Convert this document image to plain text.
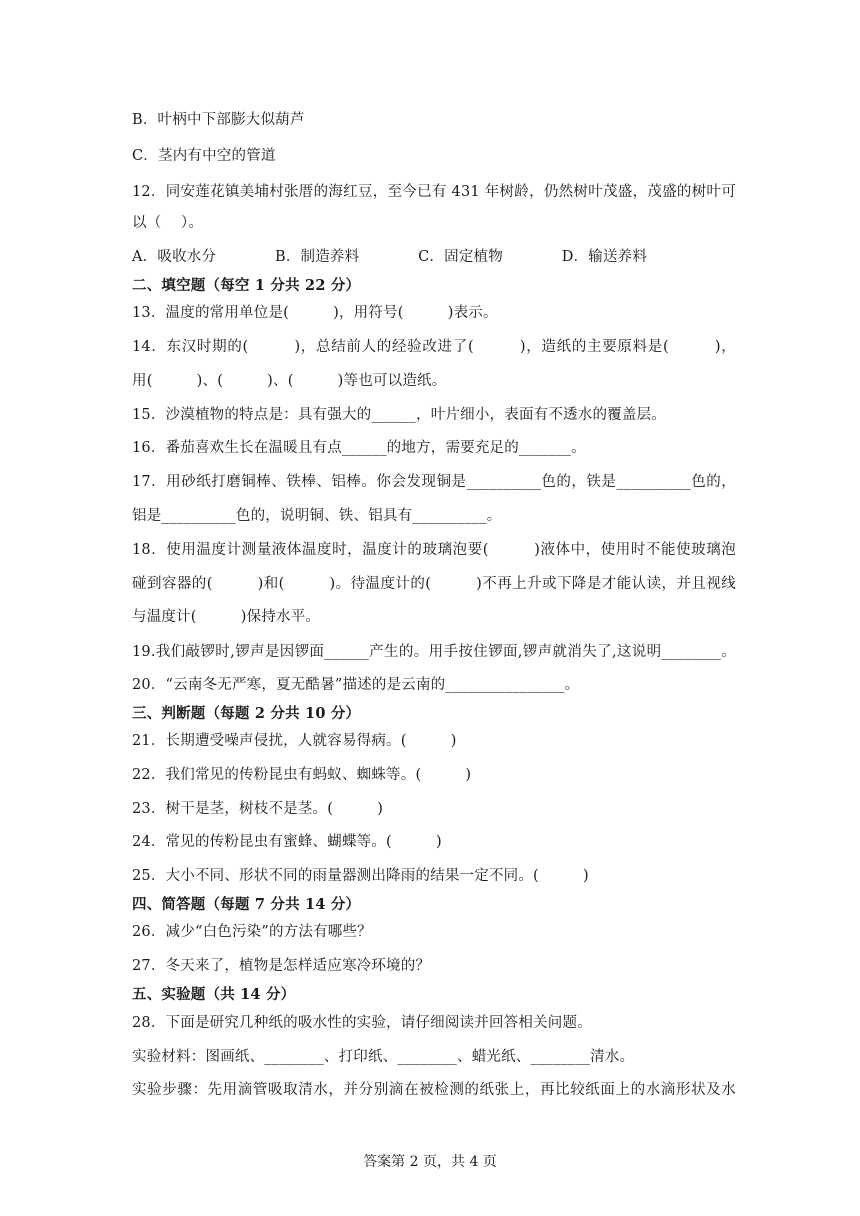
B．叶柄中下部膨大似葫芦
C．茎内有中空的管道
12．同安莲花镇美埔村张厝的海红豆，至今已有 431 年树龄，仍然树叶茂盛，茂盛的树叶可
以（　 ）。
A．吸收水分　　　　B．制造养料　　　　C．固定植物　　　　D．输送养料
二、填空题（每空 1 分共 22 分）
13．温度的常用单位是(　　　)，用符号(　　　)表示。
14．东汉时期的(　　　)，总结前人的经验改进了(　　　)，造纸的主要原料是(　　　)，
用(　　　)、(　　　)、(　　　)等也可以造纸。
15．沙漠植物的特点是：具有强大的______，叶片细小，表面有不透水的覆盖层。
16．番茄喜欢生长在温暖且有点______的地方，需要充足的_______。
17．用砂纸打磨铜棒、铁棒、铝棒。你会发现铜是__________色的，铁是__________色的，
铝是__________色的，说明铜、铁、铝具有__________。
18．使用温度计测量液体温度时，温度计的玻璃泡要(　　　)液体中，使用时不能使玻璃泡
碰到容器的(　　　)和(　　　)。待温度计的(　　　)不再上升或下降是才能认读，并且视线
与温度计(　　　)保持水平。
19.我们敲锣时,锣声是因锣面______产生的。用手按住锣面,锣声就消失了,这说明________。
20．“云南冬无严寒，夏无酷暑”描述的是云南的________________。
三、判断题（每题 2 分共 10 分）
21．长期遭受噪声侵扰，人就容易得病。(　　　)
22．我们常见的传粉昆虫有蚂蚁、蜘蛛等。(　　　)
23．树干是茎，树枝不是茎。(　　　)
24．常见的传粉昆虫有蜜蜂、蝴蝶等。(　　　)
25．大小不同、形状不同的雨量器测出降雨的结果一定不同。(　　　)
四、简答题（每题 7 分共 14 分）
26．减少“白色污染”的方法有哪些？
27．冬天来了，植物是怎样适应寒冷环境的？
五、实验题（共 14 分）
28．下面是研究几种纸的吸水性的实验，请仔细阅读并回答相关问题。
实验材料：图画纸、________、打印纸、________、蜡光纸、________清水。
实验步骤：先用滴管吸取清水，并分别滴在被检测的纸张上，再比较纸面上的水滴形状及水
答案第 2 页，共 4 页
